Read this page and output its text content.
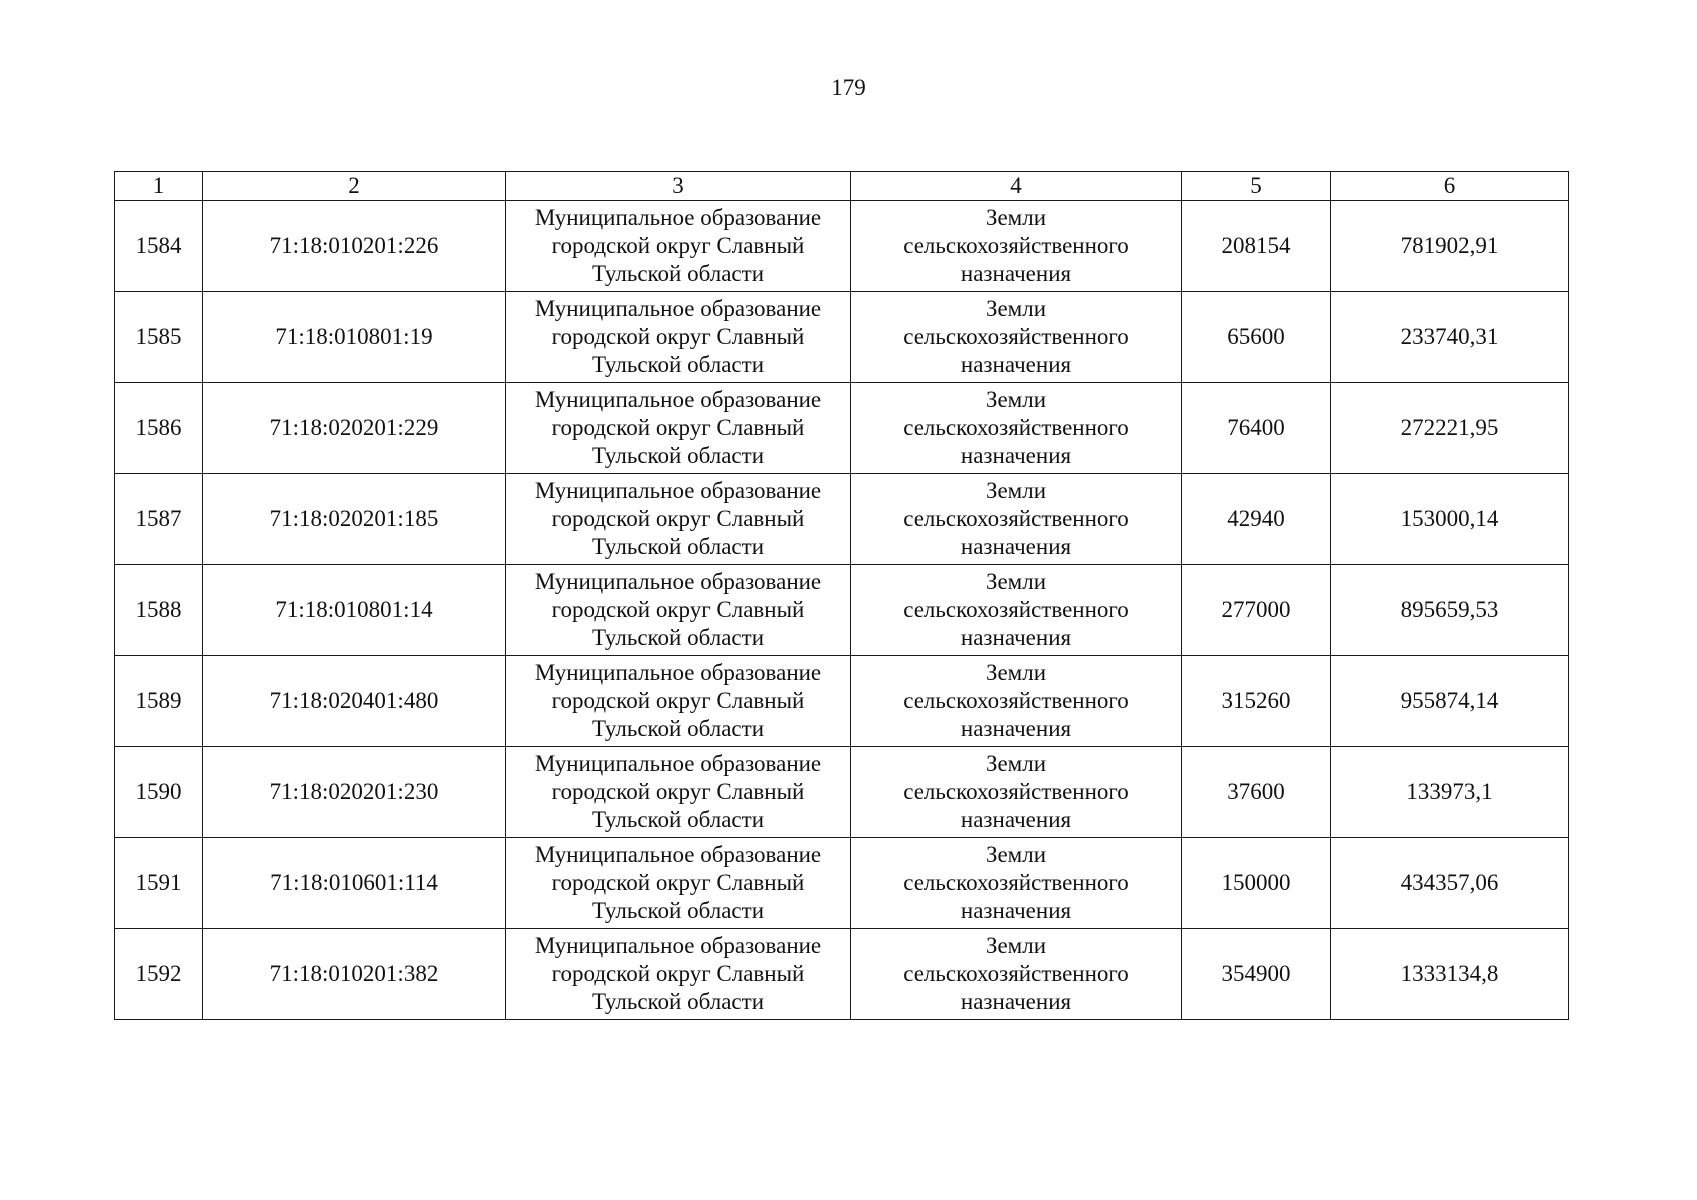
179
1	2	3	4	5	6
1584	71:18:010201:226	Муниципальное образование
городской округ Славный
Тульской области	Земли
сельскохозяйственного
назначения	208154	781902,91
1585	71:18:010801:19	Муниципальное образование
городской округ Славный
Тульской области	Земли
сельскохозяйственного
назначения	65600	233740,31
1586	71:18:020201:229	Муниципальное образование
городской округ Славный
Тульской области	Земли
сельскохозяйственного
назначения	76400	272221,95
1587	71:18:020201:185	Муниципальное образование
городской округ Славный
Тульской области	Земли
сельскохозяйственного
назначения	42940	153000,14
1588	71:18:010801:14	Муниципальное образование
городской округ Славный
Тульской области	Земли
сельскохозяйственного
назначения	277000	895659,53
1589	71:18:020401:480	Муниципальное образование
городской округ Славный
Тульской области	Земли
сельскохозяйственного
назначения	315260	955874,14
1590	71:18:020201:230	Муниципальное образование
городской округ Славный
Тульской области	Земли
сельскохозяйственного
назначения	37600	133973,1
1591	71:18:010601:114	Муниципальное образование
городской округ Славный
Тульской области	Земли
сельскохозяйственного
назначения	150000	434357,06
1592	71:18:010201:382	Муниципальное образование
городской округ Славный
Тульской области	Земли
сельскохозяйственного
назначения	354900	1333134,8
